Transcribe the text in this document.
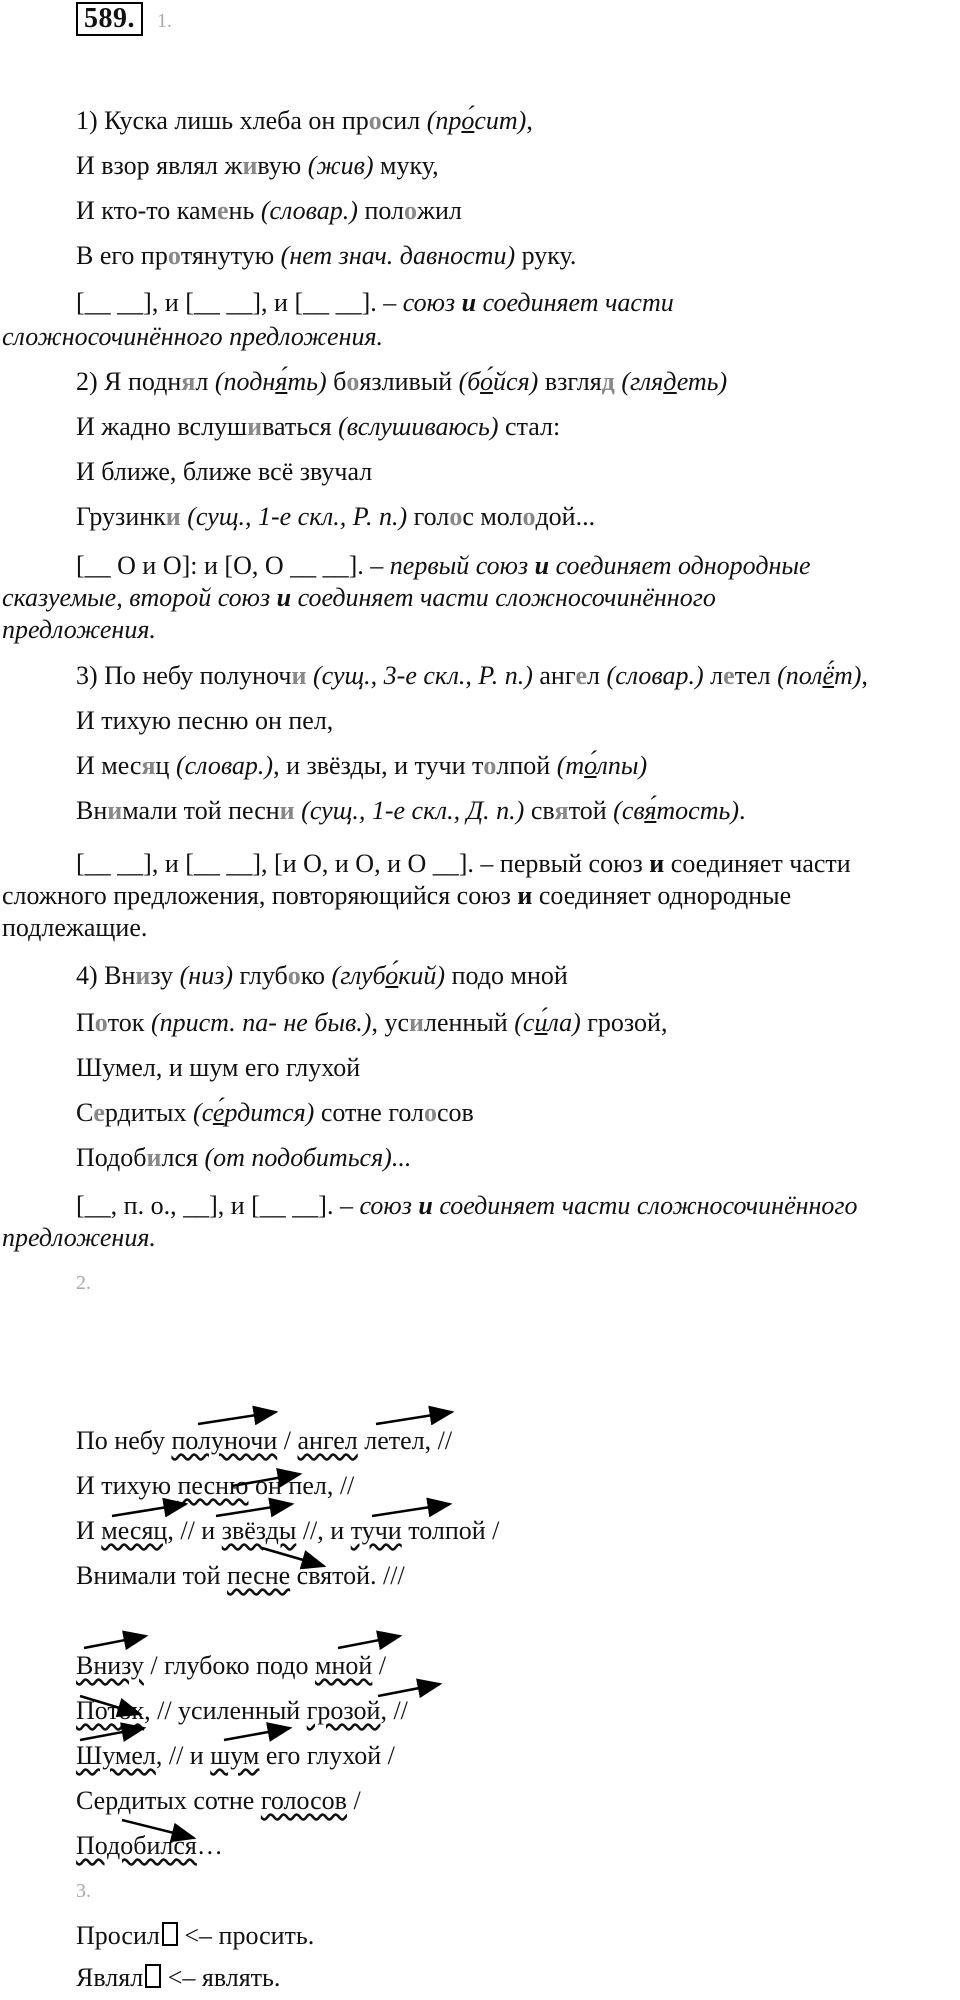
589.	1.
1) Куска лишь хлеба он просил (про́сит),
И взор являл живую (жив) муку,
И кто-то камень (словар.) положил
В его протянутую (нет знач. давности) руку.
[__ __], и [__ __], и [__ __]. – союз и соединяет части
сложносочинённого предложения.
2) Я поднял (подня́ть) боязливый (бо́йся) взгляд (глядеть)
И жадно вслушиваться (вслушиваюсь) стал:
И ближе, ближе всё звучал
Грузинки (сущ., 1-е скл., Р. п.) голос молодой...
[__ О и О]: и [О, О __ __]. – первый союз и соединяет однородные
сказуемые, второй союз и соединяет части сложносочинённого
предложения.
3) По небу полуночи (сущ., 3-е скл., Р. п.) ангел (словар.) летел (полё́т),
И тихую песню он пел,
И месяц (словар.), и звёзды, и тучи толпой (то́лпы)
Внимали той песни (сущ., 1-е скл., Д. п.) святой (свя́тость).
[__ __], и [__ __], [и О, и О, и О __]. – первый союз и соединяет части
сложного предложения, повторяющийся союз и соединяет однородные
подлежащие.
4) Внизу (низ) глубоко (глубо́кий) подо мной
Поток (прист. па- не быв.), усиленный (си́ла) грозой,
Шумел, и шум его глухой
Сердитых (се́рдится) сотне голосов
Подобился (от подобиться)...
[__, п. о., __], и [__ __]. – союз и соединяет части сложносочинённого
предложения.
2.
По небу полуночи / ангел летел, //
И тихую песню он пел, //
И месяц, // и звёзды //, и тучи толпой /
Внимали той песне святой. ///
Внизу / глубоко подо мной /
Поток, // усиленный грозой, //
Шумел, // и шум его глухой /
Сердитых сотне голосов /
Подобился…
3.
Просил <– просить.
Являл <– являть.
